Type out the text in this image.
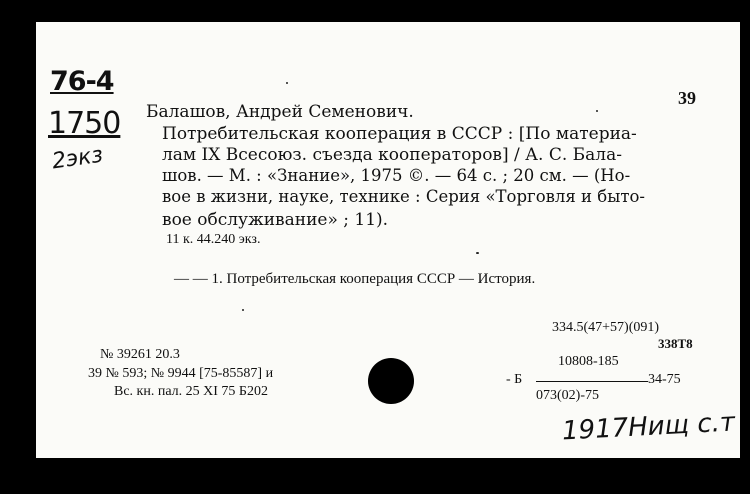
76-4
1750
2экз
39
Балашов, Андрей Семенович.
Потребительская кооперация в СССР : [По материа-
лам IX Всесоюз. съезда кооператоров] / А. С. Бала-
шов. — М. : «Знание», 1975 ©. — 64 с. ; 20 см. — (Но-
вое в жизни, науке, технике : Серия «Торговля и быто-
вое обслуживание» ; 11).
11 к. 44.240 экз.
— — 1. Потребительская кооперация СССР — История.
334.5(47+57)(091)
338T8
10808-185
- Б	34-75
073(02)-75
№ 39261 20.3
39 № 593; № 9944 [75-85587] и
Вс. кн. пал. 25 XI 75 Б202
1917Нищ с.т
